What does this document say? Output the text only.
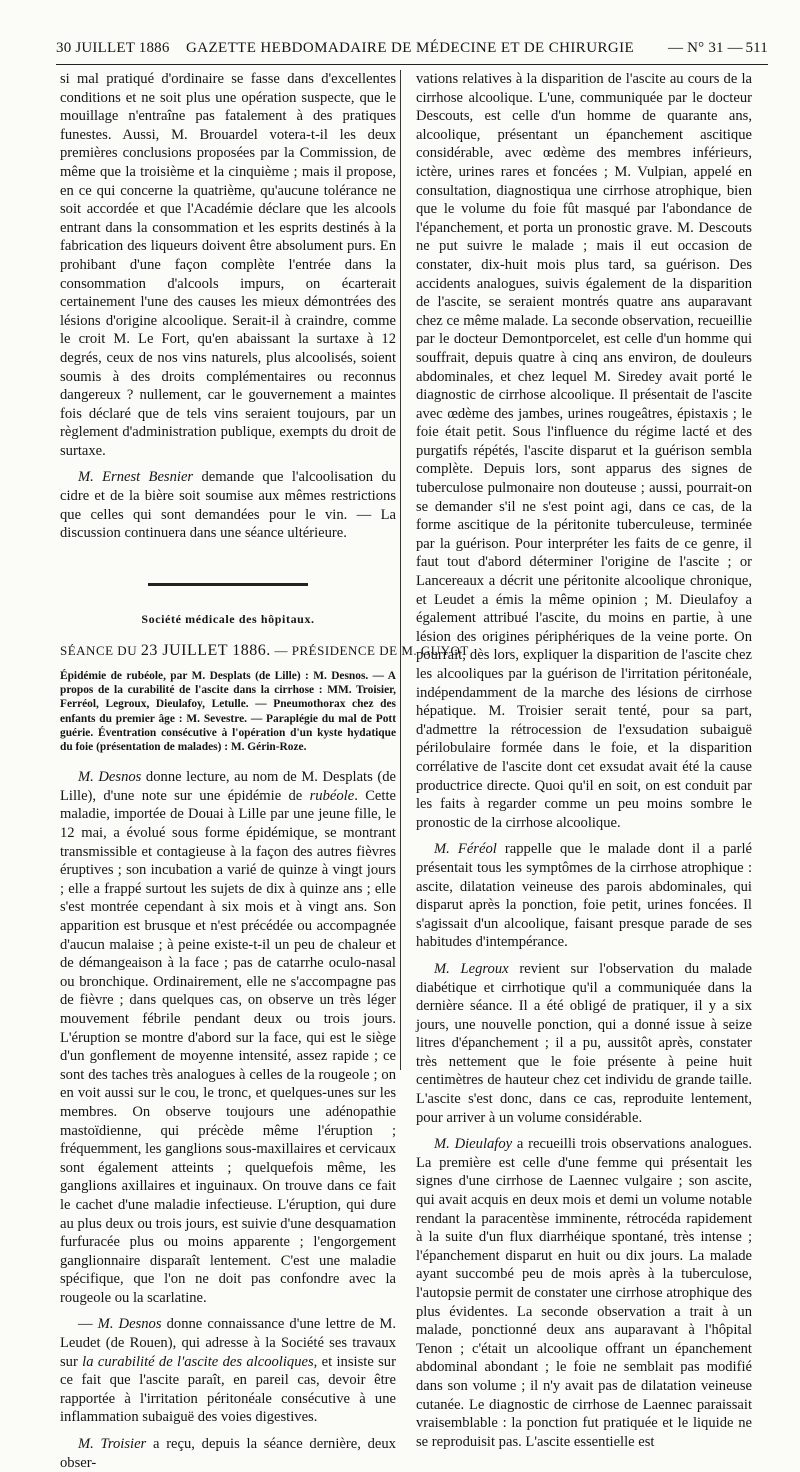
30 JUILLET 1886 GAZETTE HEBDOMADAIRE DE MÉDECINE ET DE CHIRURGIE — N° 31 — 511

si mal pratiqué d'ordinaire se fasse dans d'excellentes conditions et ne soit plus une opération suspecte, que le mouillage n'entraîne pas fatalement à des pratiques funestes. Aussi, M. Brouardel votera-t-il les deux premières conclusions proposées par la Commission, de même que la troisième et la cinquième ; mais il propose, en ce qui concerne la quatrième, qu'aucune tolérance ne soit accordée et que l'Académie déclare que les alcools entrant dans la consommation et les esprits destinés à la fabrication des liqueurs doivent être absolument purs. En prohibant d'une façon complète l'entrée dans la consommation d'alcools impurs, on écarterait certainement l'une des causes les mieux démontrées des lésions d'origine alcoolique. Serait-il à craindre, comme le croit M. Le Fort, qu'en abaissant la surtaxe à 12 degrés, ceux de nos vins naturels, plus alcoolisés, soient soumis à des droits complémentaires ou reconnus dangereux ? nullement, car le gouvernement a maintes fois déclaré que de tels vins seraient toujours, par un règlement d'administration publique, exempts du droit de surtaxe.

M. Ernest Besnier demande que l'alcoolisation du cidre et de la bière soit soumise aux mêmes restrictions que celles qui sont demandées pour le vin. — La discussion continuera dans une séance ultérieure.

Société médicale des hôpitaux.
SÉANCE DU 23 JUILLET 1886. — PRÉSIDENCE DE M. GUYOT
Épidémie de rubéole, par M. Desplats (de Lille) : M. Desnos. — A propos de la curabilité de l'ascite dans la cirrhose : MM. Troisier, Ferréol, Legroux, Dieulafoy, Letulle. — Pneumothorax chez des enfants du premier âge : M. Sevestre. — Paraplégie du mal de Pott guérie. Éventration consécutive à l'opération d'un kyste hydatique du foie (présentation de malades) : M. Gérin-Roze.

M. Desnos donne lecture, au nom de M. Desplats (de Lille), d'une note sur une épidémie de rubéole. Cette maladie, importée de Douai à Lille par une jeune fille, le 12 mai, a évolué sous forme épidémique, se montrant transmissible et contagieuse à la façon des autres fièvres éruptives ; son incubation a varié de quinze à vingt jours ; elle a frappé surtout les sujets de dix à quinze ans ; elle s'est montrée cependant à six mois et à vingt ans. Son apparition est brusque et n'est précédée ou accompagnée d'aucun malaise ; à peine existe-t-il un peu de chaleur et de démangeaison à la face ; pas de catarrhe oculo-nasal ou bronchique. Ordinairement, elle ne s'accompagne pas de fièvre ; dans quelques cas, on observe un très léger mouvement fébrile pendant deux ou trois jours. L'éruption se montre d'abord sur la face, qui est le siège d'un gonflement de moyenne intensité, assez rapide ; ce sont des taches très analogues à celles de la rougeole ; on en voit aussi sur le cou, le tronc, et quelques-unes sur les membres. On observe toujours une adénopathie mastoïdienne, qui précède même l'éruption ; fréquemment, les ganglions sous-maxillaires et cervicaux sont également atteints ; quelquefois même, les ganglions axillaires et inguinaux. On trouve dans ce fait le cachet d'une maladie infectieuse. L'éruption, qui dure au plus deux ou trois jours, est suivie d'une desquamation furfuracée plus ou moins apparente ; l'engorgement ganglionnaire disparaît lentement. C'est une maladie spécifique, que l'on ne doit pas confondre avec la rougeole ou la scarlatine.

— M. Desnos donne connaissance d'une lettre de M. Leudet (de Rouen), qui adresse à la Société ses travaux sur la curabilité de l'ascite des alcooliques, et insiste sur ce fait que l'ascite paraît, en pareil cas, devoir être rapportée à l'irritation péritonéale consécutive à une inflammation subaiguë des voies digestives.

M. Troisier a reçu, depuis la séance dernière, deux obser-

vations relatives à la disparition de l'ascite au cours de la cirrhose alcoolique. L'une, communiquée par le docteur Descouts, est celle d'un homme de quarante ans, alcoolique, présentant un épanchement ascitique considérable, avec œdème des membres inférieurs, ictère, urines rares et foncées ; M. Vulpian, appelé en consultation, diagnostiqua une cirrhose atrophique, bien que le volume du foie fût masqué par l'abondance de l'épanchement, et porta un pronostic grave. M. Descouts ne put suivre le malade ; mais il eut occasion de constater, dix-huit mois plus tard, sa guérison. Des accidents analogues, suivis également de la disparition de l'ascite, se seraient montrés quatre ans auparavant chez ce même malade. La seconde observation, recueillie par le docteur Demontporcelet, est celle d'un homme qui souffrait, depuis quatre à cinq ans environ, de douleurs abdominales, et chez lequel M. Siredey avait porté le diagnostic de cirrhose alcoolique. Il présentait de l'ascite avec œdème des jambes, urines rougeâtres, épistaxis ; le foie était petit. Sous l'influence du régime lacté et des purgatifs répétés, l'ascite disparut et la guérison sembla complète. Depuis lors, sont apparus des signes de tuberculose pulmonaire non douteuse ; aussi, pourrait-on se demander s'il ne s'est point agi, dans ce cas, de la forme ascitique de la péritonite tuberculeuse, terminée par la guérison. Pour interpréter les faits de ce genre, il faut tout d'abord déterminer l'origine de l'ascite ; or Lancereaux a décrit une péritonite alcoolique chronique, et Leudet a émis la même opinion ; M. Dieulafoy a également attribué l'ascite, du moins en partie, à une lésion des origines périphériques de la veine porte. On pourrait, dès lors, expliquer la disparition de l'ascite chez les alcooliques par la guérison de l'irritation péritonéale, indépendamment de la marche des lésions de cirrhose hépatique. M. Troisier serait tenté, pour sa part, d'admettre la rétrocession de l'exsudation subaiguë périlobulaire formée dans le foie, et la disparition corrélative de l'ascite dont cet exsudat avait été la cause productrice directe. Quoi qu'il en soit, on est conduit par les faits à regarder comme un peu moins sombre le pronostic de la cirrhose alcoolique.

M. Féréol rappelle que le malade dont il a parlé présentait tous les symptômes de la cirrhose atrophique : ascite, dilatation veineuse des parois abdominales, qui disparut après la ponction, foie petit, urines foncées. Il s'agissait d'un alcoolique, faisant presque parade de ses habitudes d'intempérance.

M. Legroux revient sur l'observation du malade diabétique et cirrhotique qu'il a communiquée dans la dernière séance. Il a été obligé de pratiquer, il y a six jours, une nouvelle ponction, qui a donné issue à seize litres d'épanchement ; il a pu, aussitôt après, constater très nettement que le foie présente à peine huit centimètres de hauteur chez cet individu de grande taille. L'ascite s'est donc, dans ce cas, reproduite lentement, pour arriver à un volume considérable.

M. Dieulafoy a recueilli trois observations analogues. La première est celle d'une femme qui présentait les signes d'une cirrhose de Laennec vulgaire ; son ascite, qui avait acquis en deux mois et demi un volume notable rendant la paracentèse imminente, rétrocéda rapidement à la suite d'un flux diarrhéique spontané, très intense ; l'épanchement disparut en huit ou dix jours. La malade ayant succombé peu de mois après à la tuberculose, l'autopsie permit de constater une cirrhose atrophique des plus évidentes. La seconde observation a trait à un malade, ponctionné deux ans auparavant à l'hôpital Tenon ; c'était un alcoolique offrant un épanchement abdominal abondant ; le foie ne semblait pas modifié dans son volume ; il n'y avait pas de dilatation veineuse cutanée. Le diagnostic de cirrhose de Laennec paraissait vraisemblable : la ponction fut pratiquée et le liquide ne se reproduisit pas. L'ascite essentielle est
